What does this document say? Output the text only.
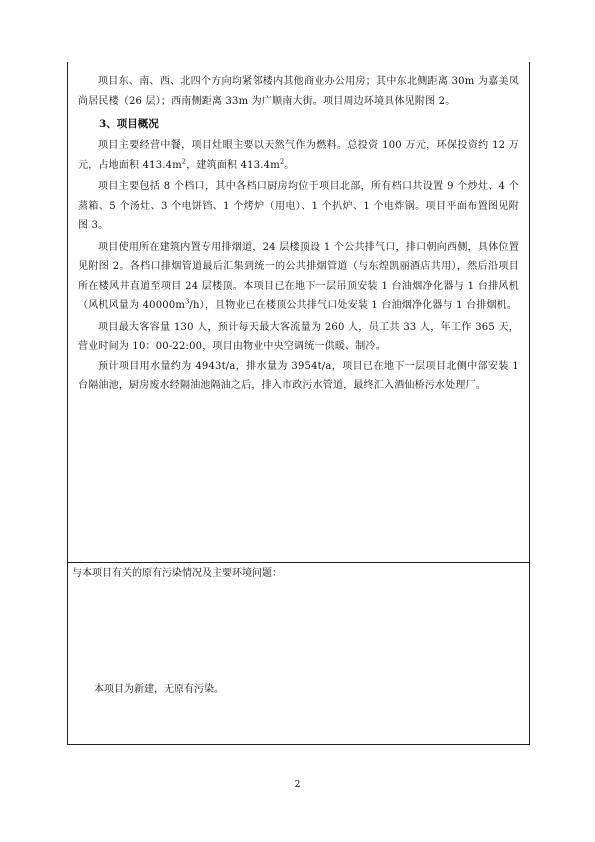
项目东、南、西、北四个方向均紧邻楼内其他商业办公用房；其中东北侧距离 30m 为嘉美凤尚居民楼（26 层）；西南侧距离 33m 为广顺南大街。项目周边环境具体见附图 2。

3、项目概况

项目主要经营中餐，项目灶眼主要以天然气作为燃料。总投资 100 万元，环保投资约 12 万元，占地面积 $413.4m^2$，建筑面积 $413.4m^2$。

项目主要包括 8 个档口，其中各档口厨房均位于项目北部，所有档口共设置 9 个炒灶、4 个蒸箱、5 个汤灶、3 个电饼铛、1 个烤炉（用电）、1 个扒炉、1 个电炸锅。项目平面布置图见附图 3。

项目使用所在建筑内置专用排烟道，24 层楼顶设 1 个公共排气口，排口朝向西侧，具体位置见附图 2。各档口排烟管道最后汇集到统一的公共排烟管道（与东煌凯丽酒店共用），然后沿项目所在楼风井直道至项目 24 层楼顶。本项目已在地下一层吊顶安装 1 台油烟净化器与 1 台排风机（风机风量为 $40000m^3/h$），且物业已在楼顶公共排气口处安装 1 台油烟净化器与 1 台排烟机。

项目最大客容量 130 人，预计每天最大客流量为 260 人，员工共 33 人，年工作 365 天，营业时间为 10：00-22:00，项目由物业中央空调统一供暖、制冷。

预计项目用水量约为 4943t/a，排水量为 3954t/a，项目已在地下一层项目北侧中部安装 1 台隔油池，厨房废水经隔油池隔油之后，排入市政污水管道，最终汇入酒仙桥污水处理厂。

与本项目有关的原有污染情况及主要环境问题：
本项目为新建，无原有污染。
2
